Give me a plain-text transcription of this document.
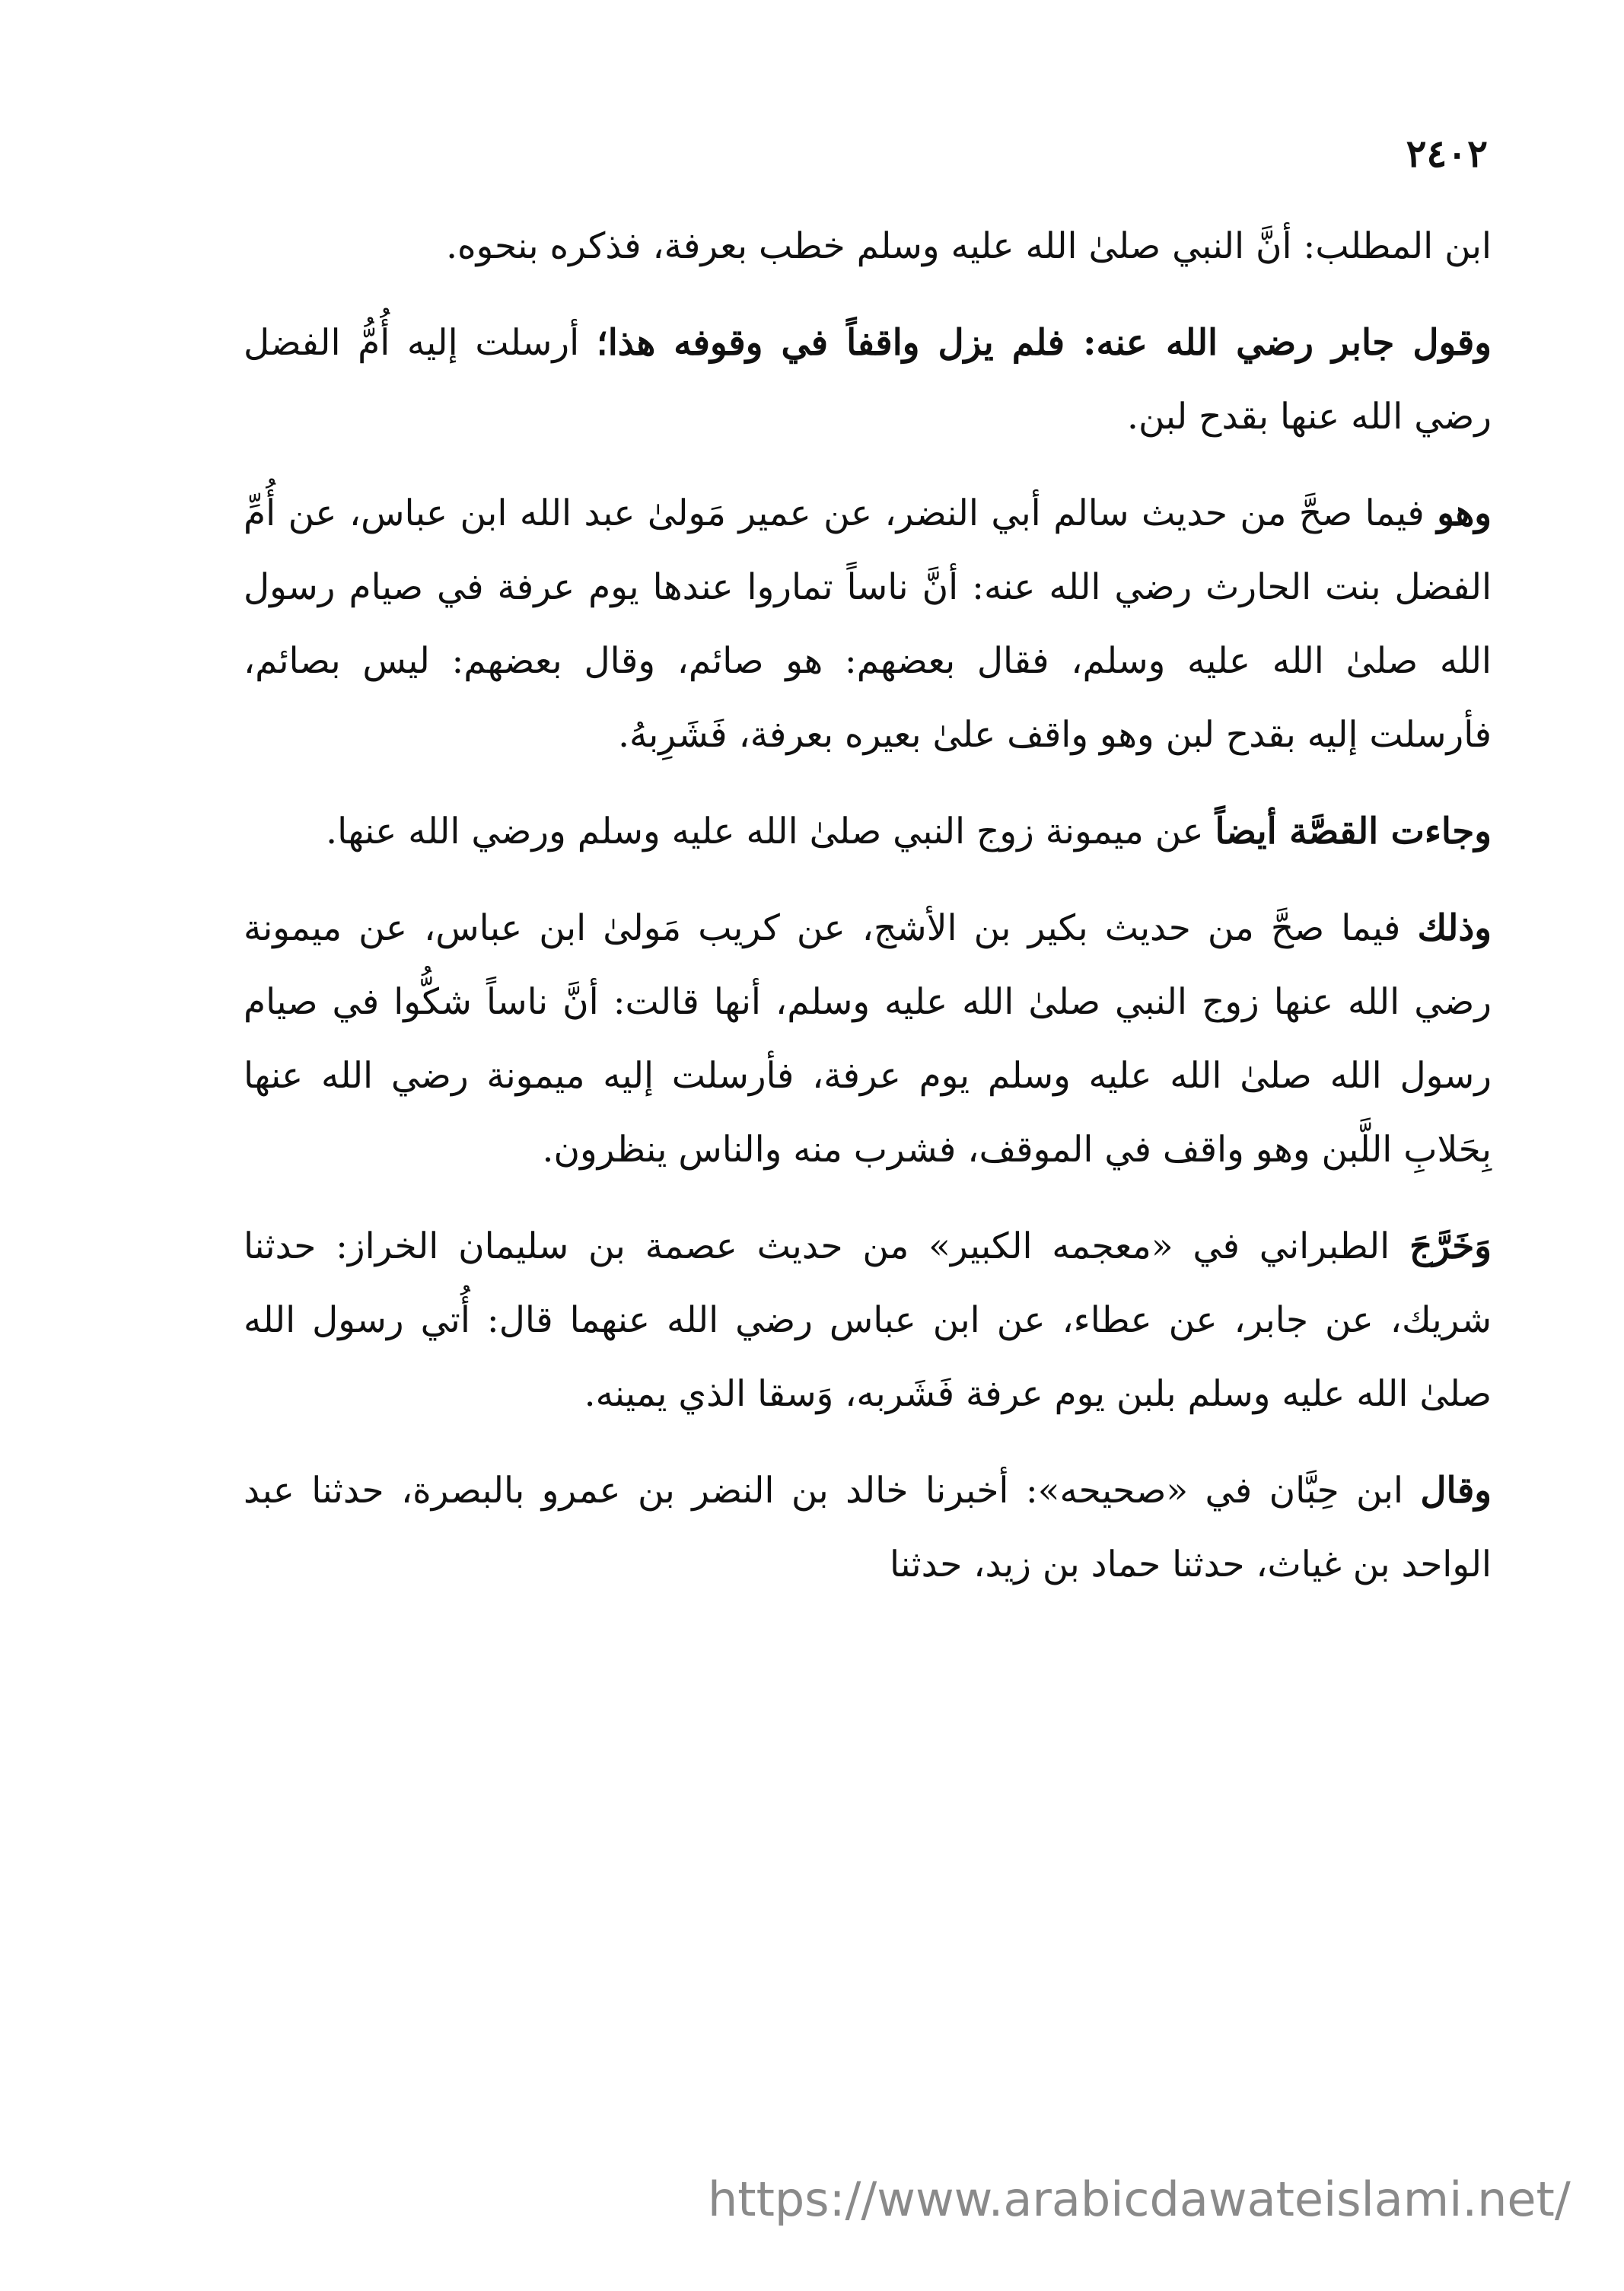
٢٤٠٢

ابن المطلب: أنَّ النبي صلىٰ الله عليه وسلم خطب بعرفة، فذكره بنحوه.

وقول جابر رضي الله عنه: فلم يزل واقفاً في وقوفه هذا؛ أرسلت إليه أُمُّ الفضل رضي الله عنها بقدح لبن.

وهو فيما صحَّ من حديث سالم أبي النضر، عن عمير مَولىٰ عبد الله ابن عباس، عن أُمِّ الفضل بنت الحارث رضي الله عنه: أنَّ ناساً تماروا عندها يوم عرفة في صيام رسول الله صلىٰ الله عليه وسلم، فقال بعضهم: هو صائم، وقال بعضهم: ليس بصائم، فأرسلت إليه بقدح لبن وهو واقف علىٰ بعيره بعرفة، فَشَرِبهُ.

وجاءت القصَّة أيضاً عن ميمونة زوج النبي صلىٰ الله عليه وسلم ورضي الله عنها.

وذلك فيما صحَّ من حديث بكير بن الأشج، عن كريب مَولىٰ ابن عباس، عن ميمونة رضي الله عنها زوج النبي صلىٰ الله عليه وسلم، أنها قالت: أنَّ ناساً شكُّوا في صيام رسول الله صلىٰ الله عليه وسلم يوم عرفة، فأرسلت إليه ميمونة رضي الله عنها بِحَلابِ اللَّبن وهو واقف في الموقف، فشرب منه والناس ينظرون.

وَخَرَّجَ الطبراني في «معجمه الكبير» من حديث عصمة بن سليمان الخراز: حدثنا شريك، عن جابر، عن عطاء، عن ابن عباس رضي الله عنهما قال: أُتي رسول الله صلىٰ الله عليه وسلم بلبن يوم عرفة فَشَربه، وَسقا الذي يمينه.

وقال ابن حِبَّان في «صحيحه»: أخبرنا خالد بن النضر بن عمرو بالبصرة، حدثنا عبد الواحد بن غياث، حدثنا حماد بن زيد، حدثنا

https://www.arabicdawateislami.net/
